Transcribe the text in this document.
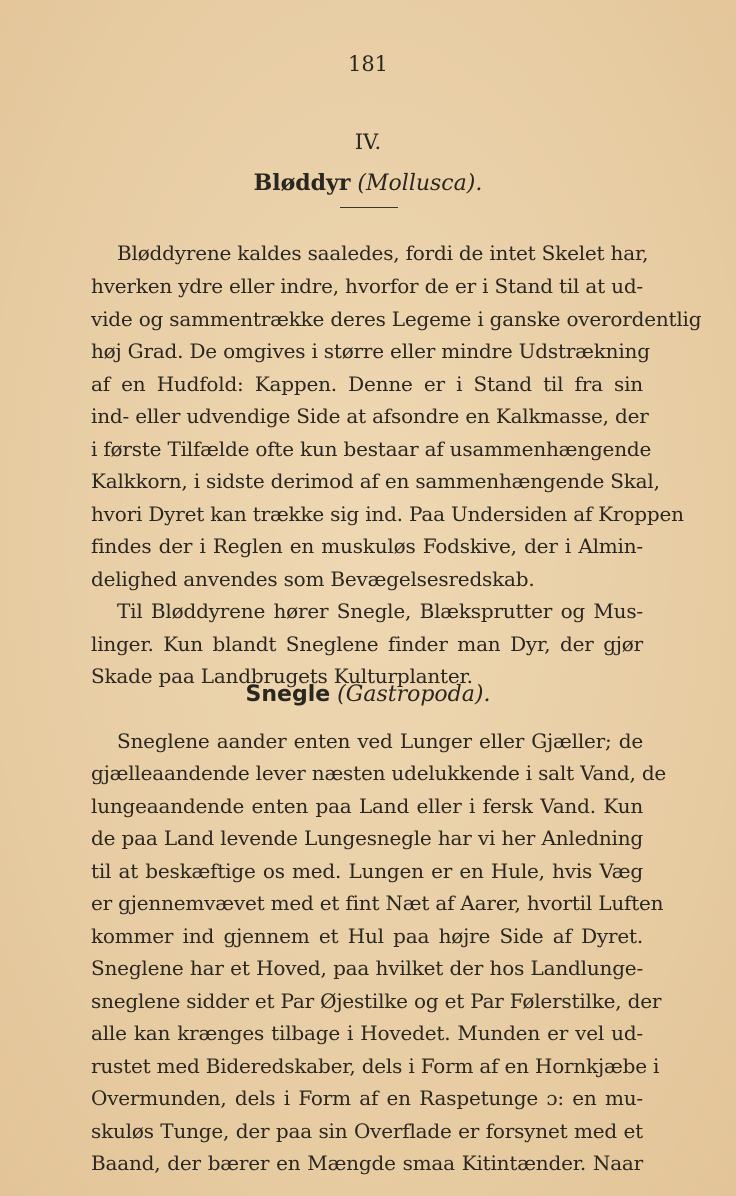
181
IV.
Bløddyr (Mollusca).
Bløddyrene kaldes saaledes, fordi de intet Skelet har,
hverken ydre eller indre, hvorfor de er i Stand til at ud-
vide og sammentrække deres Legeme i ganske overordentlig
høj Grad. De omgives i større eller mindre Udstrækning
af en Hudfold: Kappen. Denne er i Stand til fra sin
ind- eller udvendige Side at afsondre en Kalkmasse, der
i første Tilfælde ofte kun bestaar af usammenhængende
Kalkkorn, i sidste derimod af en sammenhængende Skal,
hvori Dyret kan trække sig ind. Paa Undersiden af Kroppen
findes der i Reglen en muskuløs Fodskive, der i Almin-
delighed anvendes som Bevægelsesredskab.
Til Bløddyrene hører Snegle, Blæksprutter og Mus-
linger. Kun blandt Sneglene finder man Dyr, der gjør
Skade paa Landbrugets Kulturplanter.
Snegle (Gastropoda).
Sneglene aander enten ved Lunger eller Gjæller; de
gjælleaandende lever næsten udelukkende i salt Vand, de
lungeaandende enten paa Land eller i fersk Vand. Kun
de paa Land levende Lungesnegle har vi her Anledning
til at beskæftige os med. Lungen er en Hule, hvis Væg
er gjennemvævet med et fint Næt af Aarer, hvortil Luften
kommer ind gjennem et Hul paa højre Side af Dyret.
Sneglene har et Hoved, paa hvilket der hos Landlunge-
sneglene sidder et Par Øjestilke og et Par Følerstilke, der
alle kan krænges tilbage i Hovedet. Munden er vel ud-
rustet med Bideredskaber, dels i Form af en Hornkjæbe i
Overmunden, dels i Form af en Raspetunge ɔ: en mu-
skuløs Tunge, der paa sin Overflade er forsynet med et
Baand, der bærer en Mængde smaa Kitintænder. Naar
